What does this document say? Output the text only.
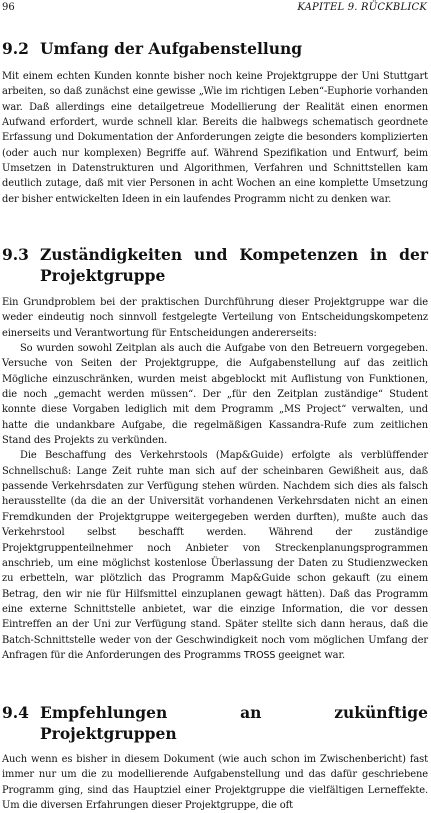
96	KAPITEL 9. RÜCKBLICK
9.2 Umfang der Aufgabenstellung

Mit einem echten Kunden konnte bisher noch keine Projektgruppe der Uni Stuttgart arbeiten, so daß zunächst eine gewisse „Wie im richtigen Leben“-Euphorie vorhanden war. Daß allerdings eine detailgetreue Modellierung der Realität einen enormen Aufwand erfordert, wurde schnell klar. Bereits die halbwegs schematisch geordnete Erfassung und Dokumentation der Anforderungen zeigte die besonders komplizierten (oder auch nur komplexen) Begriffe auf. Während Spezifikation und Entwurf, beim Umsetzen in Datenstrukturen und Algorithmen, Verfahren und Schnittstellen kam deutlich zutage, daß mit vier Personen in acht Wochen an eine komplette Umsetzung der bisher entwickelten Ideen in ein laufendes Programm nicht zu denken war.

9.3 Zuständigkeiten und Kompetenzen in der Projektgruppe

Ein Grundproblem bei der praktischen Durchführung dieser Projektgruppe war die weder eindeutig noch sinnvoll festgelegte Verteilung von Entscheidungskompetenz einerseits und Verantwortung für Entscheidungen andererseits:

So wurden sowohl Zeitplan als auch die Aufgabe von den Betreuern vorgegeben. Versuche von Seiten der Projektgruppe, die Aufgabenstellung auf das zeitlich Mögliche einzuschränken, wurden meist abgeblockt mit Auflistung von Funktionen, die noch „gemacht werden müssen“. Der „für den Zeitplan zuständige“ Student konnte diese Vorgaben lediglich mit dem Programm „MS Project“ verwalten, und hatte die undankbare Aufgabe, die regelmäßigen Kassandra-Rufe zum zeitlichen Stand des Projekts zu verkünden.

Die Beschaffung des Verkehrstools (Map&Guide) erfolgte als verblüffender Schnellschuß: Lange Zeit ruhte man sich auf der scheinbaren Gewißheit aus, daß passende Verkehrsdaten zur Verfügung stehen würden. Nachdem sich dies als falsch herausstellte (da die an der Universität vorhandenen Verkehrsdaten nicht an einen Fremdkunden der Projektgruppe weitergegeben werden durften), mußte auch das Verkehrstool selbst beschafft werden. Während der zuständige Projektgruppenteilnehmer noch Anbieter von Streckenplanungsprogrammen anschrieb, um eine möglichst kostenlose Überlassung der Daten zu Studienzwecken zu erbetteln, war plötzlich das Programm Map&Guide schon gekauft (zu einem Betrag, den wir nie für Hilfsmittel einzuplanen gewagt hätten). Daß das Programm eine externe Schnittstelle anbietet, war die einzige Information, die vor dessen Eintreffen an der Uni zur Verfügung stand. Später stellte sich dann heraus, daß die Batch-Schnittstelle weder von der Geschwindigkeit noch vom möglichen Umfang der Anfragen für die Anforderungen des Programms TROSS geeignet war.

9.4 Empfehlungen an zukünftige Projektgruppen

Auch wenn es bisher in diesem Dokument (wie auch schon im Zwischenbericht) fast immer nur um die zu modellierende Aufgabenstellung und das dafür geschriebene Programm ging, sind das Hauptziel einer Projektgruppe die vielfältigen Lerneffekte. Um die diversen Erfahrungen dieser Projektgruppe, die oft
